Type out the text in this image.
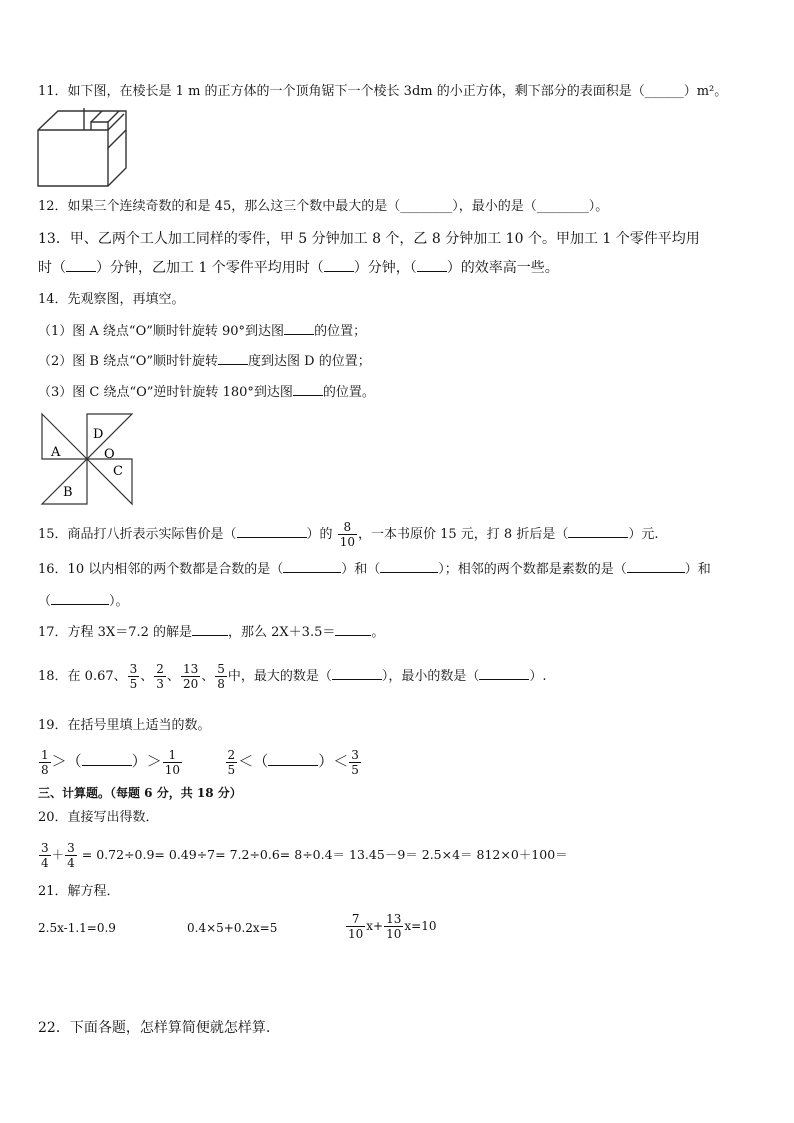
11．如下图，在棱长是 1 m 的正方体的一个顶角锯下一个棱长 3dm 的小正方体，剩下部分的表面积是（______）m²。
12．如果三个连续奇数的和是 45，那么这三个数中最大的是（________），最小的是（________）。
13．甲、乙两个工人加工同样的零件，甲 5 分钟加工 8 个，乙 8 分钟加工 10 个。甲加工 1 个零件平均用
时（ ）分钟，乙加工 1 个零件平均用时（ ）分钟，（ ）的效率高一些。
14．先观察图，再填空。
（1）图 A 绕点“O”顺时针旋转 90°到达图 的位置；
（2）图 B 绕点“O”顺时针旋转 度到达图 D 的位置；
（3）图 C 绕点“O”逆时针旋转 180°到达图 的位置。
A
D
O
C
B
15．商品打八折表示实际售价是（	）的 $\frac{8}{10}$ ，一本书原价 15 元，打 8 折后是（	）元.
16．10 以内相邻的两个数都是合数的是（	）和（	）；相邻的两个数都是素数的是（	）和
（	）。
17．方程 3X＝7.2 的解是	，那么 2X＋3.5＝	。
18．在 0.67、 $\frac{3}{5}$ 、 $\frac{2}{3}$ 、 $\frac{13}{20}$ 、 $\frac{5}{8}$ 中，最大的数是（	），最小的数是（	）.
19．在括号里填上适当的数。
$\frac{1}{8}$ ＞（	）＞ $\frac{1}{10}$
	$\frac{2}{5}$ ＜（	）＜ $\frac{3}{5}$
三、计算题。（每题 6 分，共 18 分）
20．直接写出得数．
$\frac{3}{4} + \frac{3}{4} = 0.72\div 0.9= 0.49\div 7= 7.2\div 0.6= 8\div 0.4= 13.45-9= 2.5\times 4= 812\times 0+100=$
21．解方程．
2.5x-1.1=0.9	0.4×5+0.2x=5	$\frac{7}{10} x+ \frac{13}{10} x=10$
22．下面各题，怎样算简便就怎样算.
